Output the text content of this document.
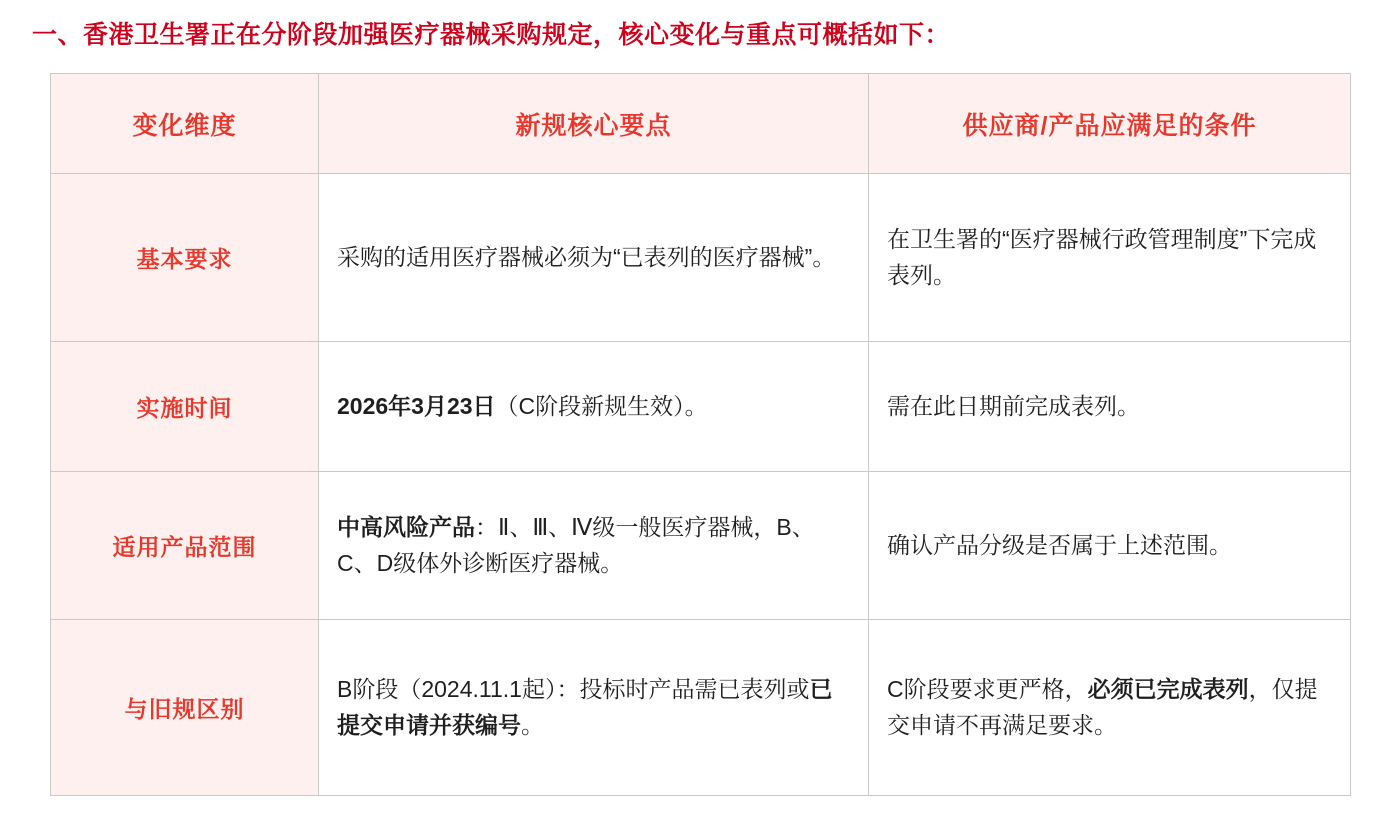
一、香港卫生署正在分阶段加强医疗器械采购规定，核心变化与重点可概括如下：
变化维度	新规核心要点	供应商/产品应满足的条件
基本要求	采购的适用医疗器械必须为“已表列的医疗器械”。	在卫生署的“医疗器械行政管理制度”下完成表列。
实施时间	2026年3月23日（C阶段新规生效）。	需在此日期前完成表列。
适用产品范围	中高风险产品：Ⅱ、Ⅲ、Ⅳ级一般医疗器械，B、C、D级体外诊断医疗器械。	确认产品分级是否属于上述范围。
与旧规区别	B阶段（2024.11.1起）：投标时产品需已表列或已提交申请并获编号。	C阶段要求更严格，必须已完成表列，仅提交申请不再满足要求。
